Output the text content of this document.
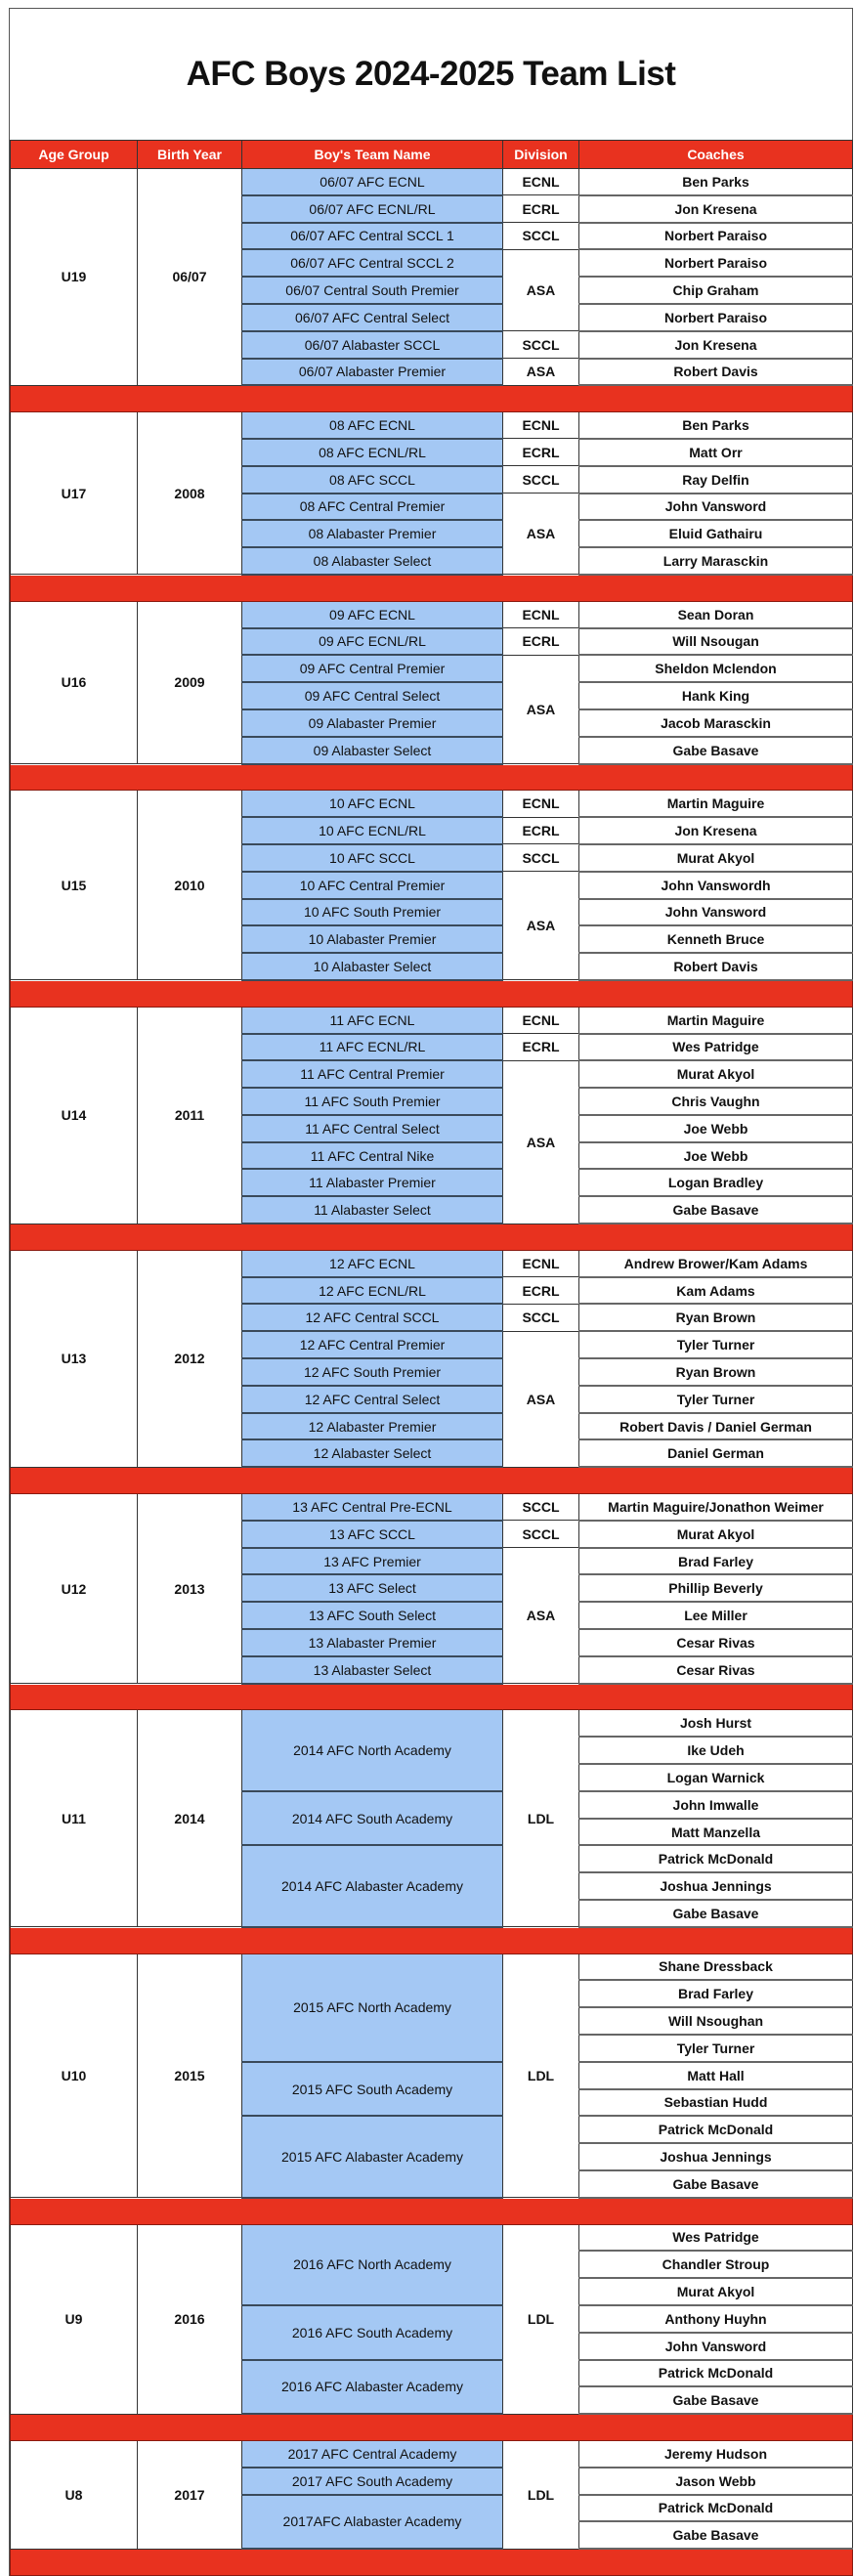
AFC Boys 2024-2025 Team List
Age Group	Birth Year	Boy's Team Name	Division	Coaches
U19	06/07	06/07 AFC ECNL	ECNL	Ben Parks
		06/07 AFC ECNL/RL	ECRL	Jon Kresena
		06/07 AFC Central SCCL 1	SCCL	Norbert Paraiso
		06/07 AFC Central SCCL 2	ASA	Norbert Paraiso
		06/07 Central South Premier		Chip Graham
		06/07 AFC Central Select		Norbert Paraiso
		06/07 Alabaster SCCL	SCCL	Jon Kresena
		06/07 Alabaster Premier	ASA	Robert Davis

U17	2008	08 AFC ECNL	ECNL	Ben Parks
		08 AFC ECNL/RL	ECRL	Matt Orr
		08 AFC SCCL	SCCL	Ray Delfin
		08 AFC Central Premier	ASA	John Vansword
		08 Alabaster Premier		Eluid Gathairu
		08 Alabaster Select		Larry Marasckin

U16	2009	09 AFC ECNL	ECNL	Sean Doran
		09 AFC ECNL/RL	ECRL	Will Nsougan
		09 AFC Central Premier	ASA	Sheldon Mclendon
		09 AFC Central Select		Hank King
		09 Alabaster Premier		Jacob Marasckin
		09 Alabaster Select		Gabe Basave

U15	2010	10 AFC ECNL	ECNL	Martin Maguire
		10 AFC ECNL/RL	ECRL	Jon Kresena
		10 AFC SCCL	SCCL	Murat Akyol
		10 AFC Central Premier	ASA	John Vanswordh
		10 AFC South Premier		John Vansword
		10 Alabaster Premier		Kenneth Bruce
		10 Alabaster Select		Robert Davis

U14	2011	11 AFC ECNL	ECNL	Martin Maguire
		11 AFC ECNL/RL	ECRL	Wes Patridge
		11 AFC Central Premier	ASA	Murat Akyol
		11 AFC South Premier		Chris Vaughn
		11 AFC Central Select		Joe Webb
		11 AFC Central Nike		Joe Webb
		11 Alabaster Premier		Logan Bradley
		11 Alabaster Select		Gabe Basave

U13	2012	12 AFC ECNL	ECNL	Andrew Brower/Kam Adams
		12 AFC ECNL/RL	ECRL	Kam Adams
		12 AFC Central SCCL	SCCL	Ryan Brown
		12 AFC Central Premier	ASA	Tyler Turner
		12 AFC South Premier		Ryan Brown
		12 AFC Central Select		Tyler Turner
		12 Alabaster Premier		Robert Davis / Daniel German
		12 Alabaster Select		Daniel German

U12	2013	13 AFC Central Pre-ECNL	SCCL	Martin Maguire/Jonathon Weimer
		13 AFC SCCL	SCCL	Murat Akyol
		13 AFC Premier	ASA	Brad Farley
		13 AFC Select		Phillip Beverly
		13 AFC South Select		Lee Miller
		13 Alabaster Premier		Cesar Rivas
		13 Alabaster Select		Cesar Rivas

U11	2014	2014 AFC North Academy	LDL	Josh Hurst
				Ike Udeh
				Logan Warnick
		2014 AFC South Academy		John Imwalle
				Matt Manzella
		2014 AFC Alabaster Academy		Patrick McDonald
				Joshua Jennings
				Gabe Basave

U10	2015	2015 AFC North Academy	LDL	Shane Dressback
				Brad Farley
				Will Nsoughan
				Tyler Turner
		2015 AFC South Academy		Matt Hall
				Sebastian Hudd
		2015 AFC Alabaster Academy		Patrick McDonald
				Joshua Jennings
				Gabe Basave

U9	2016	2016 AFC North Academy	LDL	Wes Patridge
				Chandler Stroup
				Murat Akyol
		2016 AFC South Academy		Anthony Huyhn
				John Vansword
		2016 AFC Alabaster Academy		Patrick McDonald
				Gabe Basave

U8	2017	2017 AFC Central Academy	LDL	Jeremy Hudson
		2017 AFC South Academy		Jason Webb
		2017AFC Alabaster Academy		Patrick McDonald
				Gabe Basave
